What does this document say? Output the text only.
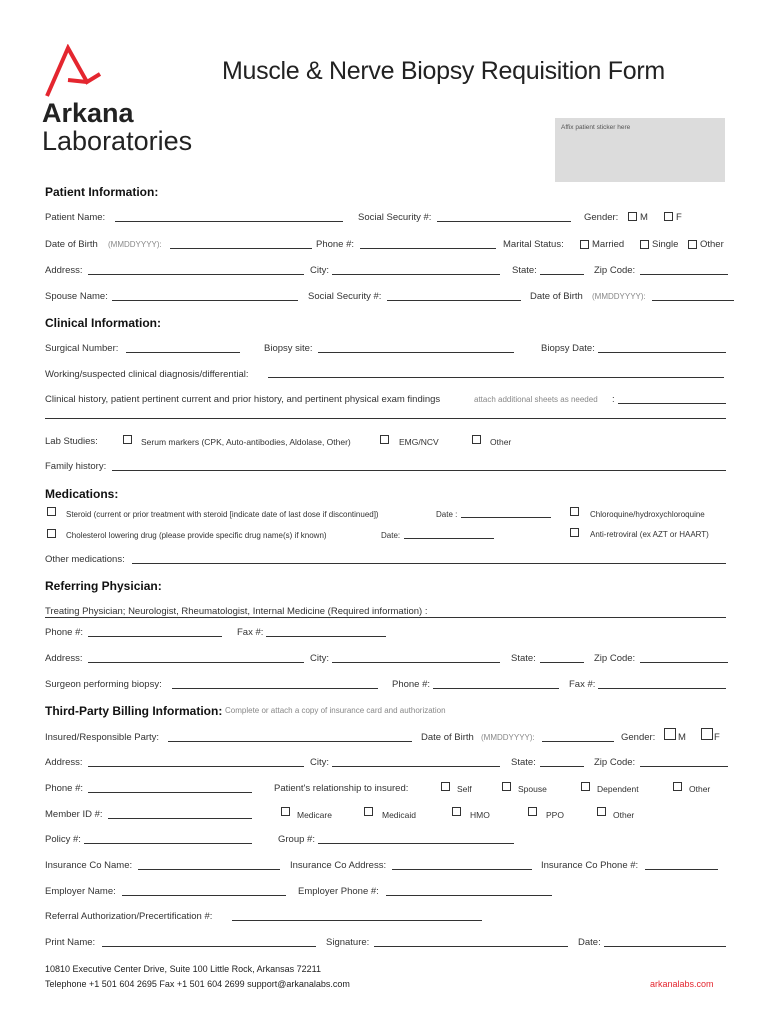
Arkana
Laboratories
Muscle & Nerve Biopsy Requisition Form
Affix patient sticker here
Patient Information:
Patient Name:	Social Security #:	Gender: M	F
Date of Birth (MMDDYYYY):	Phone #:	Marital Status:	Married	Single Other
Address:	City:	State:	Zip Code:
Spouse Name:	Social Security #:	Date of Birth (MMDDYYYY):
Clinical Information:
Surgical Number:	Biopsy site:	Biopsy Date:
Working/suspected clinical diagnosis/differential:
Clinical history, patient pertinent current and prior history, and pertinent physical exam findings	attach additional sheets as needed :
Lab Studies:	Serum markers (CPK, Auto-antibodies, Aldolase, Other)	EMG/NCV	Other
Family history:
Medications:
Steroid (current or prior treatment with steroid [indicate date of last dose if discontinued])	Date :	Chloroquine/hydroxychloroquine
Cholesterol lowering drug (please provide specific drug name(s) if known)	Date:	Anti-retroviral (ex AZT or HAART)
Other medications:
Referring Physician:
Treating Physician; Neurologist, Rheumatologist, Internal Medicine (Required information) :
Phone #:	Fax #:
Address:	City:	State:	Zip Code:
Surgeon performing biopsy:	Phone #:	Fax #:
Third-Party Billing Information: Complete or attach a copy of insurance card and authorization
Insured/Responsible Party:	Date of Birth (MMDDYYYY):	Gender: M	F
Address:	City:	State:	Zip Code:
Phone #:	Patient's relationship to insured:	Self	Spouse	Dependent	Other
Member ID #:	Medicare	Medicaid	HMO	PPO	Other
Policy #:	Group #:
Insurance Co Name:	Insurance Co Address:	Insurance Co Phone #:
Employer Name:	Employer Phone #:
Referral Authorization/Precertification #:
Print Name:	Signature:	Date:
10810 Executive Center Drive, Suite 100 Little Rock, Arkansas 72211
Telephone +1 501 604 2695 Fax +1 501 604 2699 support@arkanalabs.com	arkanalabs.com
